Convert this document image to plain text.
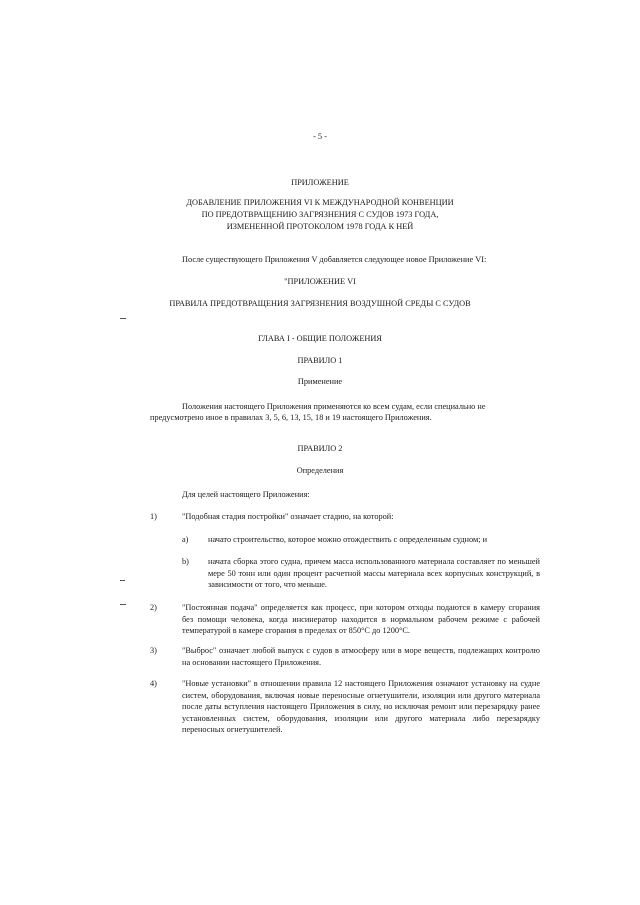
- 5 -
ПРИЛОЖЕНИЕ
ДОБАВЛЕНИЕ ПРИЛОЖЕНИЯ VI К МЕЖДУНАРОДНОЙ КОНВЕНЦИИ
ПО ПРЕДОТВРАЩЕНИЮ ЗАГРЯЗНЕНИЯ С СУДОВ 1973 ГОДА,
ИЗМЕНЕННОЙ ПРОТОКОЛОМ 1978 ГОДА К НЕЙ
После существующего Приложения V добавляется следующее новое Приложение VI:
"ПРИЛОЖЕНИЕ VI
ПРАВИЛА ПРЕДОТВРАЩЕНИЯ ЗАГРЯЗНЕНИЯ ВОЗДУШНОЙ СРЕДЫ С СУДОВ
ГЛАВА I - ОБЩИЕ ПОЛОЖЕНИЯ
ПРАВИЛО 1
Применение
Положения настоящего Приложения применяются ко всем судам, если специально не
предусмотрено иное в правилах 3, 5, 6, 13, 15, 18 и 19 настоящего Приложения.
ПРАВИЛО 2
Определения
Для целей настоящего Приложения:
1)	"Подобная стадия постройки" означает стадию, на которой:
a) начато строительство, которое можно отождествить с определенным судном; и
b) начата сборка этого судна, причем масса использованного материала составляет по меньшей мере 50 тонн или один процент расчетной массы материала всех корпусных конструкций, в зависимости от того, что меньше.
2)	"Постоянная подача" определяется как процесс, при котором отходы подаются в камеру сгорания без помощи человека, когда инсинератор находится в нормальном рабочем режиме с рабочей температурой в камере сгорания в пределах от 850°C до 1200°C.
3)	"Выброс" означает любой выпуск с судов в атмосферу или в море веществ, подлежащих контролю на основании настоящего Приложения.
4)	"Новые установки" в отношении правила 12 настоящего Приложения означают установку на судне систем, оборудования, включая новые переносные огнетушители, изоляции или другого материала после даты вступления настоящего Приложения в силу, но исключая ремонт или перезарядку ранее установленных систем, оборудования, изоляции или другого материала либо перезарядку переносных огнетушителей.
